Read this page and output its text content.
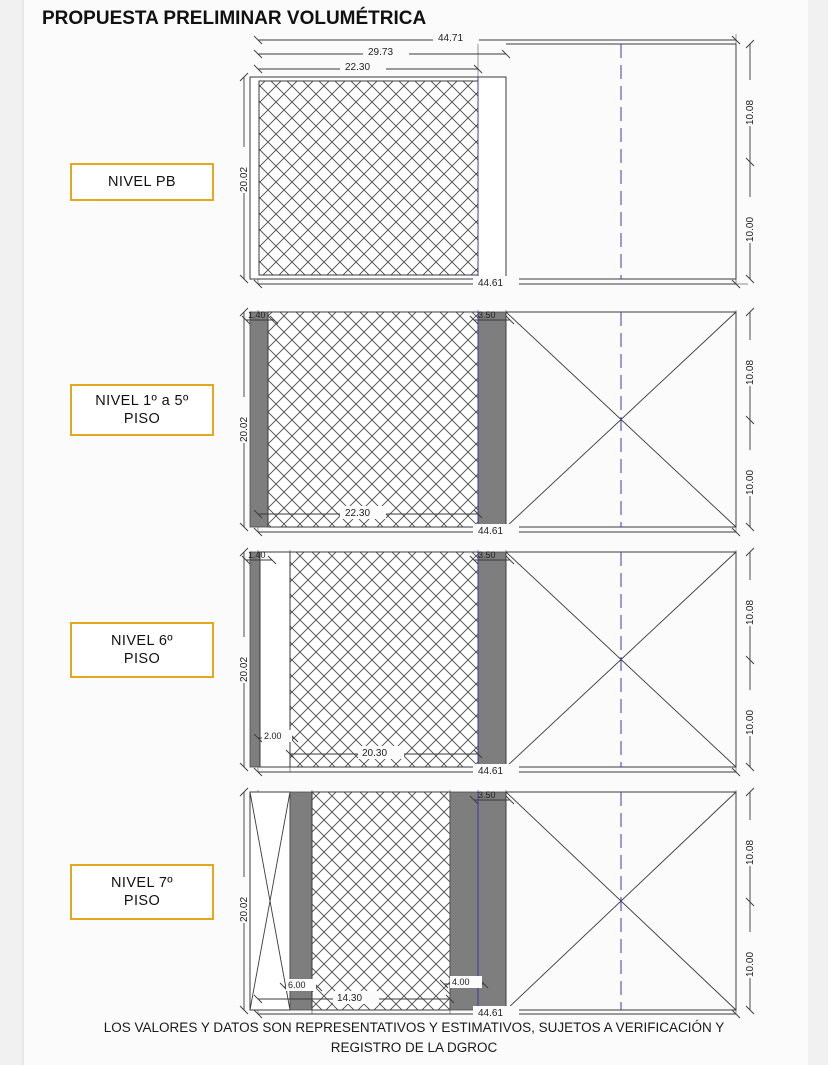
PROPUESTA PRELIMINAR VOLUMÉTRICA
NIVEL PB
NIVEL 1º a 5º
PISO
NIVEL 6º
PISO
NIVEL 7º
PISO
44.71
29.73
22.30
20.02
44.61
10.08
10.00
20.02
1.40	3.50
22.30
44.61
10.08
10.00
20.02
1.40	3.50
2.00
20.30
44.61
10.08
10.00
20.02
3.50
6.00	4.00
14.30
44.61
10.08
10.00
LOS VALORES Y DATOS SON REPRESENTATIVOS Y ESTIMATIVOS, SUJETOS A VERIFICACIÓN Y
REGISTRO DE LA DGROC
